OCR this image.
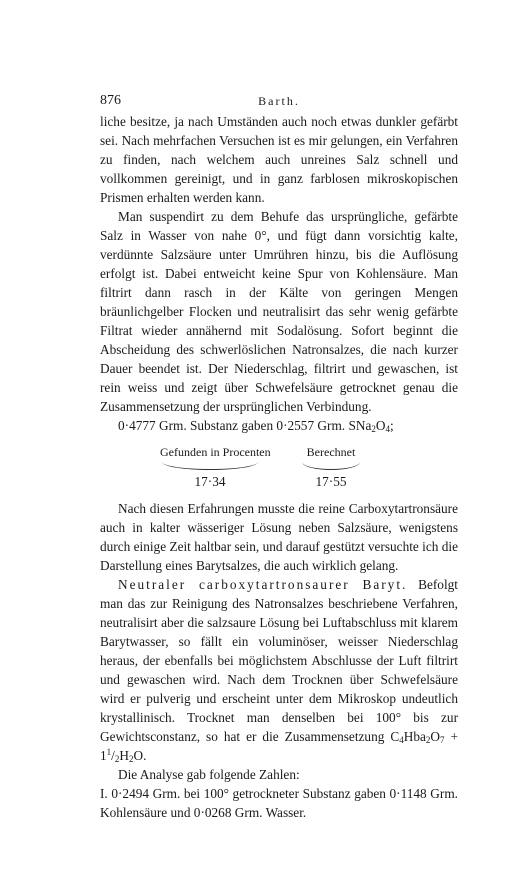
876	Barth.

liche besitze, ja nach Umständen auch noch etwas dunkler gefärbt sei. Nach mehrfachen Versuchen ist es mir gelungen, ein Verfahren zu finden, nach welchem auch unreines Salz schnell und vollkommen gereinigt, und in ganz farblosen mikroskopischen Prismen erhalten werden kann.

Man suspendirt zu dem Behufe das ursprüngliche, gefärbte Salz in Wasser von nahe 0°, und fügt dann vorsichtig kalte, verdünnte Salzsäure unter Umrühren hinzu, bis die Auflösung erfolgt ist. Dabei entweicht keine Spur von Kohlensäure. Man filtrirt dann rasch in der Kälte von geringen Mengen bräunlichgelber Flocken und neutralisirt das sehr wenig gefärbte Filtrat wieder annähernd mit Sodalösung. Sofort beginnt die Abscheidung des schwerlöslichen Natronsalzes, die nach kurzer Dauer beendet ist. Der Niederschlag, filtrirt und gewaschen, ist rein weiss und zeigt über Schwefelsäure getrocknet genau die Zusammensetzung der ursprünglichen Verbindung.

0·4777 Grm. Substanz gaben 0·2557 Grm. $SNa_2O_4$;

Gefunden in Procenten
17·34
Berechnet
17·55

Nach diesen Erfahrungen musste die reine Carboxytartronsäure auch in kalter wässeriger Lösung neben Salzsäure, wenigstens durch einige Zeit haltbar sein, und darauf gestützt versuchte ich die Darstellung eines Barytsalzes, die auch wirklich gelang.

Neutraler carboxytartronsaurer Baryt. Befolgt man das zur Reinigung des Natronsalzes beschriebene Verfahren, neutralisirt aber die salzsaure Lösung bei Luftabschluss mit klarem Barytwasser, so fällt ein voluminöser, weisser Niederschlag heraus, der ebenfalls bei möglichstem Abschlusse der Luft filtrirt und gewaschen wird. Nach dem Trocknen über Schwefelsäure wird er pulverig und erscheint unter dem Mikroskop undeutlich krystallinisch. Trocknet man denselben bei 100° bis zur Gewichtsconstanz, so hat er die Zusammensetzung $C_4Hba_2O_7 + 1^1/_2H_2O$.

Die Analyse gab folgende Zahlen:

I. 0·2494 Grm. bei 100° getrockneter Substanz gaben 0·1148 Grm. Kohlensäure und 0·0268 Grm. Wasser.
